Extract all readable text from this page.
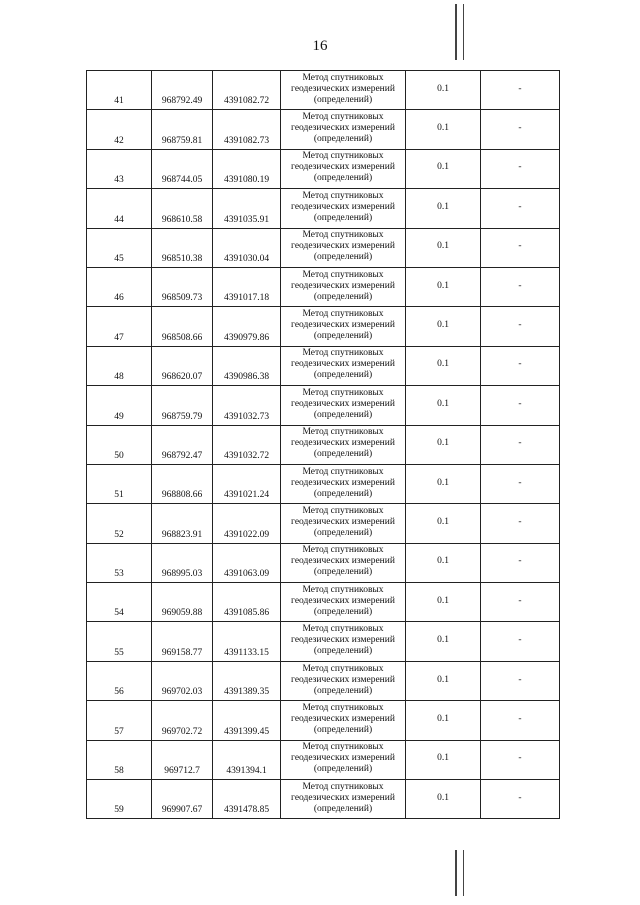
16
41	968792.49	4391082.72	Метод спутниковых геодезических измерений (определений)	0.1	-
42	968759.81	4391082.73	Метод спутниковых геодезических измерений (определений)	0.1	-
43	968744.05	4391080.19	Метод спутниковых геодезических измерений (определений)	0.1	-
44	968610.58	4391035.91	Метод спутниковых геодезических измерений (определений)	0.1	-
45	968510.38	4391030.04	Метод спутниковых геодезических измерений (определений)	0.1	-
46	968509.73	4391017.18	Метод спутниковых геодезических измерений (определений)	0.1	-
47	968508.66	4390979.86	Метод спутниковых геодезических измерений (определений)	0.1	-
48	968620.07	4390986.38	Метод спутниковых геодезических измерений (определений)	0.1	-
49	968759.79	4391032.73	Метод спутниковых геодезических измерений (определений)	0.1	-
50	968792.47	4391032.72	Метод спутниковых геодезических измерений (определений)	0.1	-
51	968808.66	4391021.24	Метод спутниковых геодезических измерений (определений)	0.1	-
52	968823.91	4391022.09	Метод спутниковых геодезических измерений (определений)	0.1	-
53	968995.03	4391063.09	Метод спутниковых геодезических измерений (определений)	0.1	-
54	969059.88	4391085.86	Метод спутниковых геодезических измерений (определений)	0.1	-
55	969158.77	4391133.15	Метод спутниковых геодезических измерений (определений)	0.1	-
56	969702.03	4391389.35	Метод спутниковых геодезических измерений (определений)	0.1	-
57	969702.72	4391399.45	Метод спутниковых геодезических измерений (определений)	0.1	-
58	969712.7	4391394.1	Метод спутниковых геодезических измерений (определений)	0.1	-
59	969907.67	4391478.85	Метод спутниковых геодезических измерений (определений)	0.1	-
